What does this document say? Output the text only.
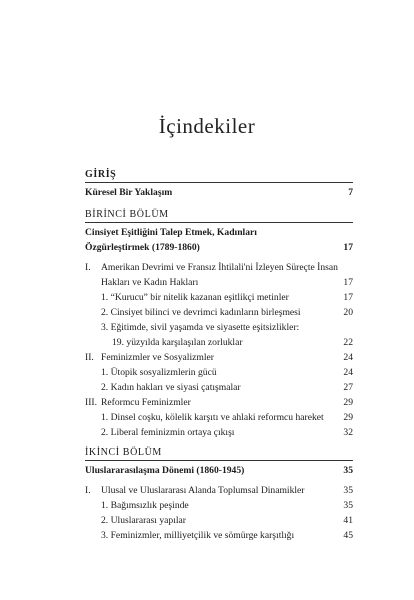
İçindekiler
GİRİŞ
Küresel Bir Yaklaşım	7
BİRİNCİ BÖLÜM
Cinsiyet Eşitliğini Talep Etmek, Kadınları
Özgürleştirmek (1789-1860)	17
I. Amerikan Devrimi ve Fransız İhtilali'ni İzleyen Süreçte İnsan
Hakları ve Kadın Hakları	17
1. “Kurucu” bir nitelik kazanan eşitlikçi metinler	17
2. Cinsiyet bilinci ve devrimci kadınların birleşmesi	20
3. Eğitimde, sivil yaşamda ve siyasette eşitsizlikler:
19. yüzyılda karşılaşılan zorluklar	22
II. Feminizmler ve Sosyalizmler	24
1. Ütopik sosyalizmlerin gücü	24
2. Kadın hakları ve siyasi çatışmalar	27
III. Reformcu Feminizmler	29
1. Dinsel coşku, kölelik karşıtı ve ahlaki reformcu hareket 29
2. Liberal feminizmin ortaya çıkışı	32
İKİNCİ BÖLÜM
Uluslararasılaşma Dönemi (1860-1945)	35
I. Ulusal ve Uluslararası Alanda Toplumsal Dinamikler	35
1. Bağımsızlık peşinde	35
2. Uluslararası yapılar	41
3. Feminizmler, milliyetçilik ve sömürge karşıtlığı	45
